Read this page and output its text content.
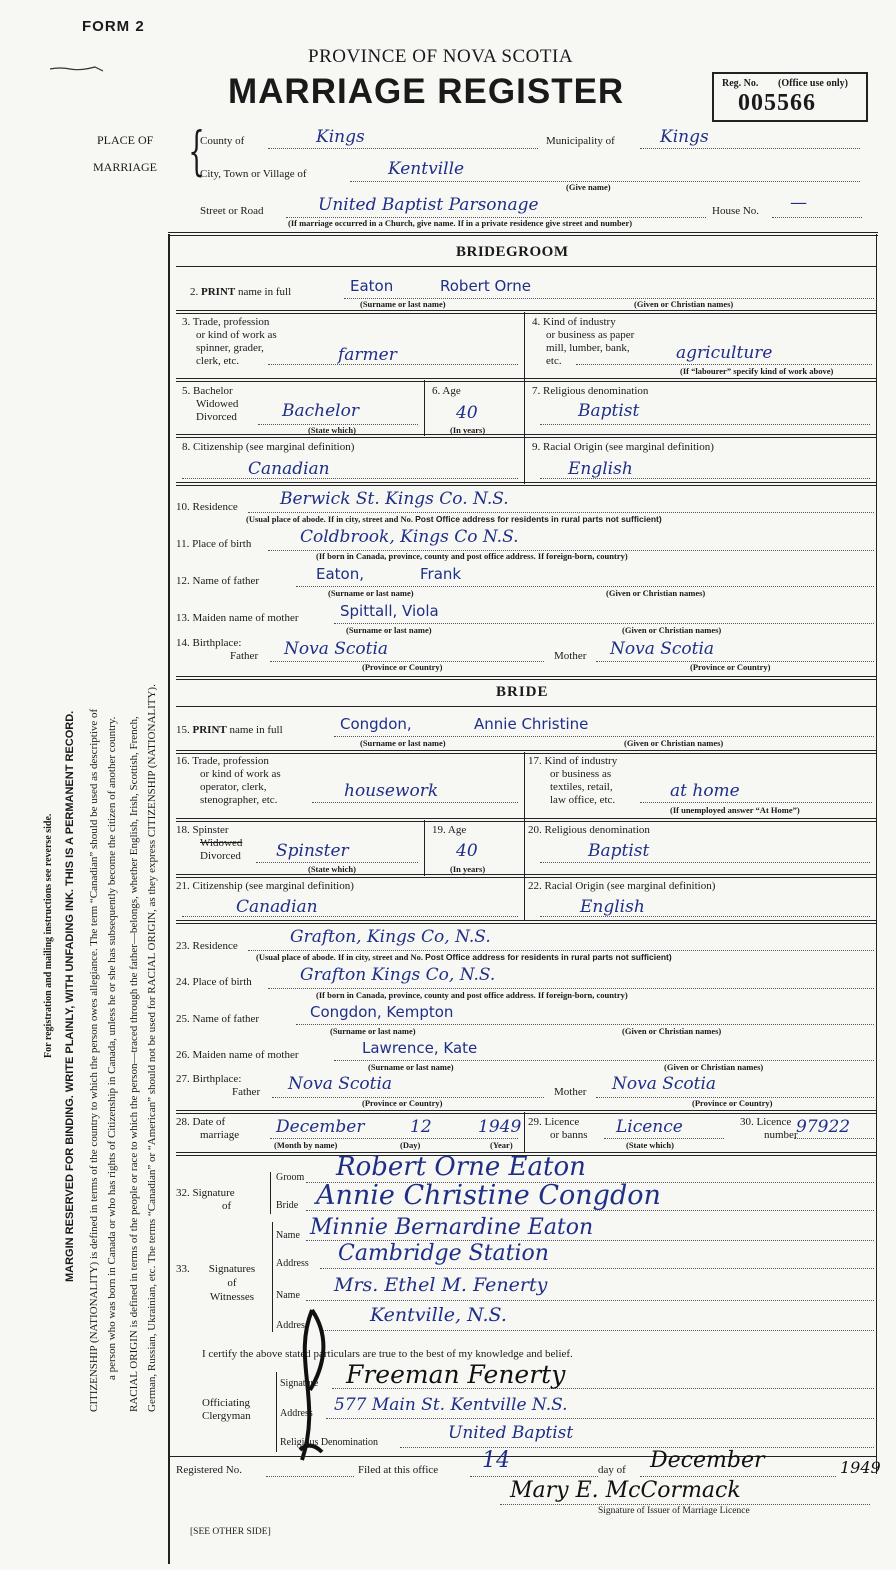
FORM 2
PROVINCE OF NOVA SCOTIA
MARRIAGE REGISTER	Reg. No. (Office use only)
005566
PLACE OF
MARRIAGE {
County of	Kings	Municipality of	Kings
City, Town or Village of	Kentville
(Give name)
Street or Road	United Baptist Parsonage	House No. —
(If marriage occurred in a Church, give name. If in a private residence give street and number)
For registration and mailing instructions see reverse side. MARGIN RESERVED FOR BINDING. WRITE PLAINLY, WITH UNFADING INK. THIS IS A PERMANENT RECORD. CITIZENSHIP (NATIONALITY) is defined in terms of the country to which the person owes allegiance. The term “Canadian” should be used as descriptive of a person who was born in Canada or who has rights of Citizenship in Canada, unless he or she has subsequently become the citizen of another country. RACIAL ORIGIN is defined in terms of the people or race to which the person—traced through the father—belongs, whether English, Irish, Scottish, French, German, Russian, Ukrainian, etc. The terms “Canadian” or “American” should not be used for RACIAL ORIGIN, as they express CITIZENSHIP (NATIONALITY).
BRIDEGROOM
2. PRINT name in full	Eaton	Robert Orne
(Surname or last name)	(Given or Christian names)
3. Trade, profession
or kind of work as
spinner, grader,
clerk, etc.	farmer
4. Kind of industry
or business as paper
mill, lumber, bank,
etc.	agriculture
(If “labourer” specify kind of work above)
5. Bachelor
Widowed
Divorced	Bachelor
(State which)
6. Age
40
(In years)
7. Religious denomination
Baptist
8. Citizenship (see marginal definition)
Canadian
9. Racial Origin (see marginal definition)
English
10. Residence Berwick St. Kings Co. N.S.
(Usual place of abode. If in city, street and No. Post Office address for residents in rural parts not sufficient)
11. Place of birth	Coldbrook, Kings Co N.S.
(If born in Canada, province, county and post office address. If foreign-born, country)
12. Name of father	Eaton,	Frank
(Surname or last name)	(Given or Christian names)
13. Maiden name of mother	Spittall, Viola
(Surname or last name)	(Given or Christian names)
14. Birthplace:
Father Nova Scotia
(Province or Country)
Mother Nova Scotia
(Province or Country)
BRIDE
15. PRINT name in full	Congdon,	Annie Christine
(Surname or last name)	(Given or Christian names)
16. Trade, profession
or kind of work as
operator, clerk,
stenographer, etc.	housework
17. Kind of industry
or business as
textiles, retail,
law office, etc.	at home
(If unemployed answer “At Home”)
18. Spinster
Widowed
Divorced Spinster
(State which)
19. Age
40
(In years)
20. Religious denomination
Baptist
21. Citizenship (see marginal definition)
Canadian
22. Racial Origin (see marginal definition)
English
23. Residence	Grafton, Kings Co, N.S.
(Usual place of abode. If in city, street and No. Post Office address for residents in rural parts not sufficient)
24. Place of birth	Grafton Kings Co, N.S.
(If born in Canada, province, county and post office address. If foreign-born, country)
25. Name of father	Congdon, Kempton
(Surname or last name)	(Given or Christian names)
26. Maiden name of mother	Lawrence, Kate
(Surname or last name)	(Given or Christian names)
27. Birthplace:
Father Nova Scotia
(Province or Country)
Mother Nova Scotia
(Province or Country)
28. Date of
marriage December	12	1949
(Month by name)	(Day)	(Year)
29. Licence
or banns Licence
(State which)
30. Licence
number
97922
32. Signature
of
Groom Robert Orne Eaton
Bride Annie Christine Congdon
33.	Signatures
of
Witnesses
Name Minnie Bernardine Eaton
Address Cambridge Station
Name Mrs. Ethel M. Fenerty
Address	Kentville, N.S.
I certify the above stated particulars are true to the best of my knowledge and belief.
Officiating
Clergyman
Signature Freeman Fenerty
Address 577 Main St. Kentville N.S.
Religious Denomination	United Baptist
Registered No.	Filed at this office 14	day of December	1949
Mary E. McCormack
Signature of Issuer of Marriage Licence
[SEE OTHER SIDE]
